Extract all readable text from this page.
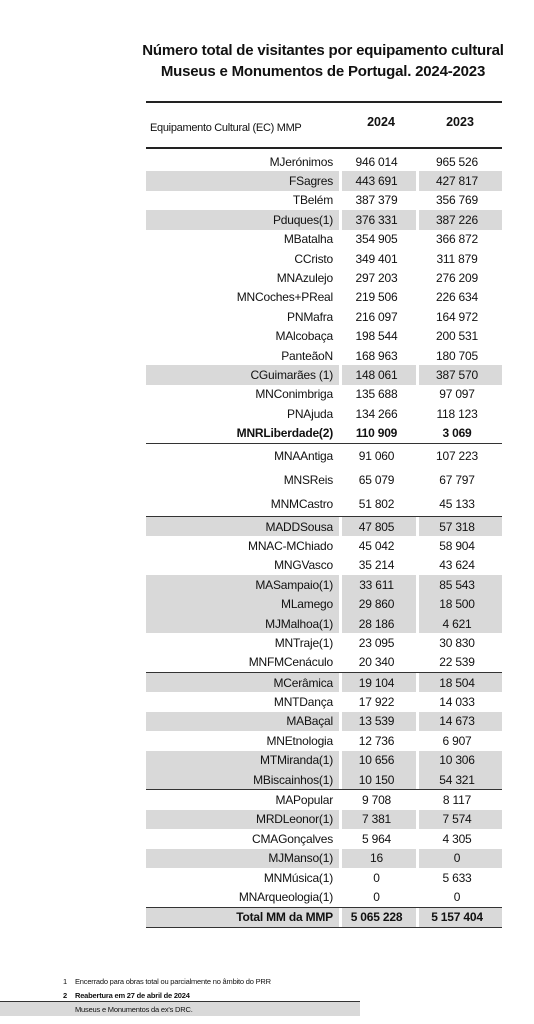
Número total de visitantes por equipamento cultural
Museus e Monumentos de Portugal. 2024-2023
Equipamento Cultural (EC) MMP	2024	2023
MJerónimos	946 014	965 526
FSagres	443 691	427 817
TBelém	387 379	356 769
Pduques(1)	376 331	387 226
MBatalha	354 905	366 872
CCristo	349 401	311 879
MNAzulejo	297 203	276 209
MNCoches+PReal	219 506	226 634
PNMafra	216 097	164 972
MAlcobaça	198 544	200 531
PanteãoN	168 963	180 705
CGuimarães (1)	148 061	387 570
MNConimbriga	135 688	97 097
PNAjuda	134 266	118 123
MNRLiberdade(2)	110 909	3 069
MNAAntiga	91 060	107 223
MNSReis	65 079	67 797
MNMCastro	51 802	45 133
MADDSousa	47 805	57 318
MNAC-MChiado	45 042	58 904
MNGVasco	35 214	43 624
MASampaio(1)	33 611	85 543
MLamego	29 860	18 500
MJMalhoa(1)	28 186	4 621
MNTraje(1)	23 095	30 830
MNFMCenáculo	20 340	22 539
MCerâmica	19 104	18 504
MNTDança	17 922	14 033
MABaçal	13 539	14 673
MNEtnologia	12 736	6 907
MTMiranda(1)	10 656	10 306
MBiscainhos(1)	10 150	54 321
MAPopular	9 708	8 117
MRDLeonor(1)	7 381	7 574
CMAGonçalves	5 964	4 305
MJManso(1)	16	0
MNMúsica(1)	0	5 633
MNArqueologia(1)	0	0
Total MM da MMP	5 065 228	5 157 404
1 Encerrado para obras total ou parcialmente no âmbito do PRR
2 Reabertura em 27 de abril de 2024
Museus e Monumentos da ex's DRC.
